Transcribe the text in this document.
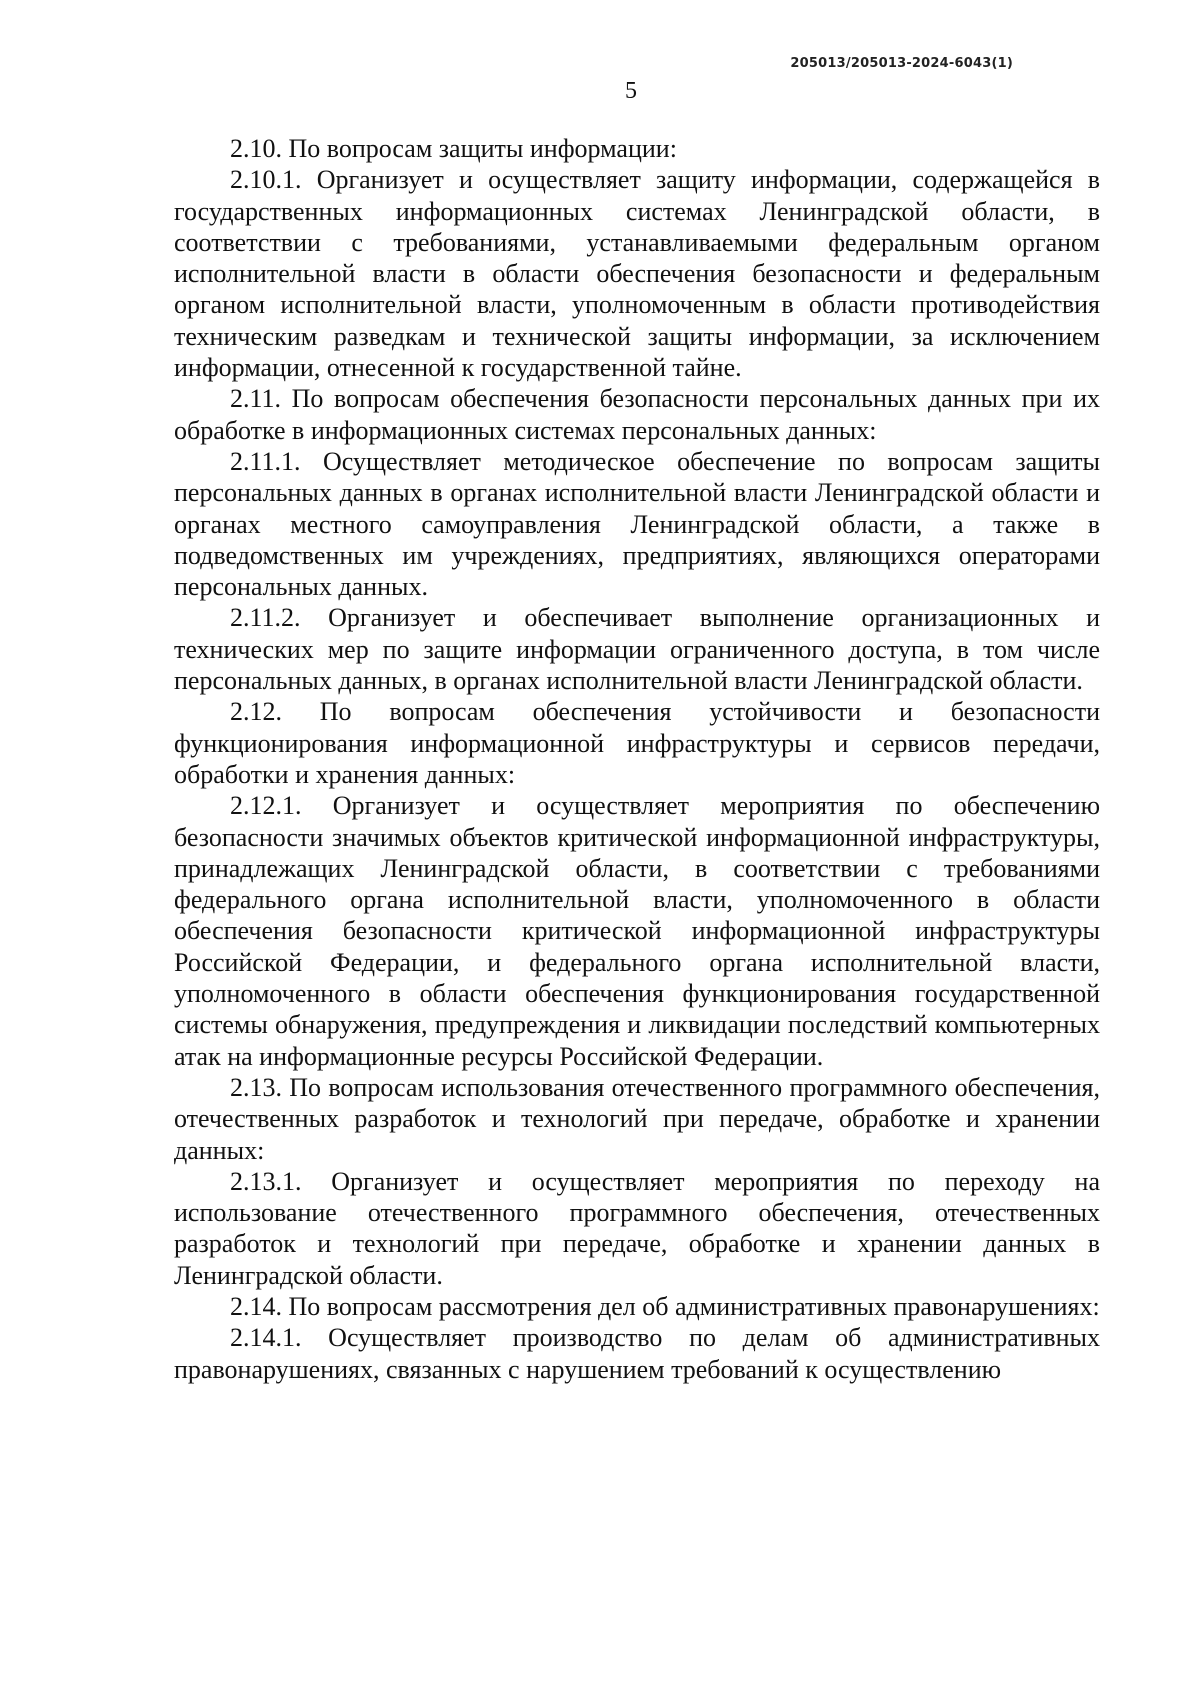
205013/205013-2024-6043(1)
5

2.10. По вопросам защиты информации:

2.10.1. Организует и осуществляет защиту информации, содержащейся в государственных информационных системах Ленинградской области, в соответствии с требованиями, устанавливаемыми федеральным органом исполнительной власти в области обеспечения безопасности и федеральным органом исполнительной власти, уполномоченным в области противодействия техническим разведкам и технической защиты информации, за исключением информации, отнесенной к государственной тайне.

2.11. По вопросам обеспечения безопасности персональных данных при их обработке в информационных системах персональных данных:

2.11.1. Осуществляет методическое обеспечение по вопросам защиты персональных данных в органах исполнительной власти Ленинградской области и органах местного самоуправления Ленинградской области, а также в подведомственных им учреждениях, предприятиях, являющихся операторами персональных данных.

2.11.2. Организует и обеспечивает выполнение организационных и технических мер по защите информации ограниченного доступа, в том числе персональных данных, в органах исполнительной власти Ленинградской области.

2.12. По вопросам обеспечения устойчивости и безопасности функционирования информационной инфраструктуры и сервисов передачи, обработки и хранения данных:

2.12.1. Организует и осуществляет мероприятия по обеспечению безопасности значимых объектов критической информационной инфраструктуры, принадлежащих Ленинградской области, в соответствии с требованиями федерального органа исполнительной власти, уполномоченного в области обеспечения безопасности критической информационной инфраструктуры Российской Федерации, и федерального органа исполнительной власти, уполномоченного в области обеспечения функционирования государственной системы обнаружения, предупреждения и ликвидации последствий компьютерных атак на информационные ресурсы Российской Федерации.

2.13. По вопросам использования отечественного программного обеспечения, отечественных разработок и технологий при передаче, обработке и хранении данных:

2.13.1. Организует и осуществляет мероприятия по переходу на использование отечественного программного обеспечения, отечественных разработок и технологий при передаче, обработке и хранении данных в Ленинградской области.

2.14. По вопросам рассмотрения дел об административных правонарушениях:

2.14.1. Осуществляет производство по делам об административных правонарушениях, связанных с нарушением требований к осуществлению
